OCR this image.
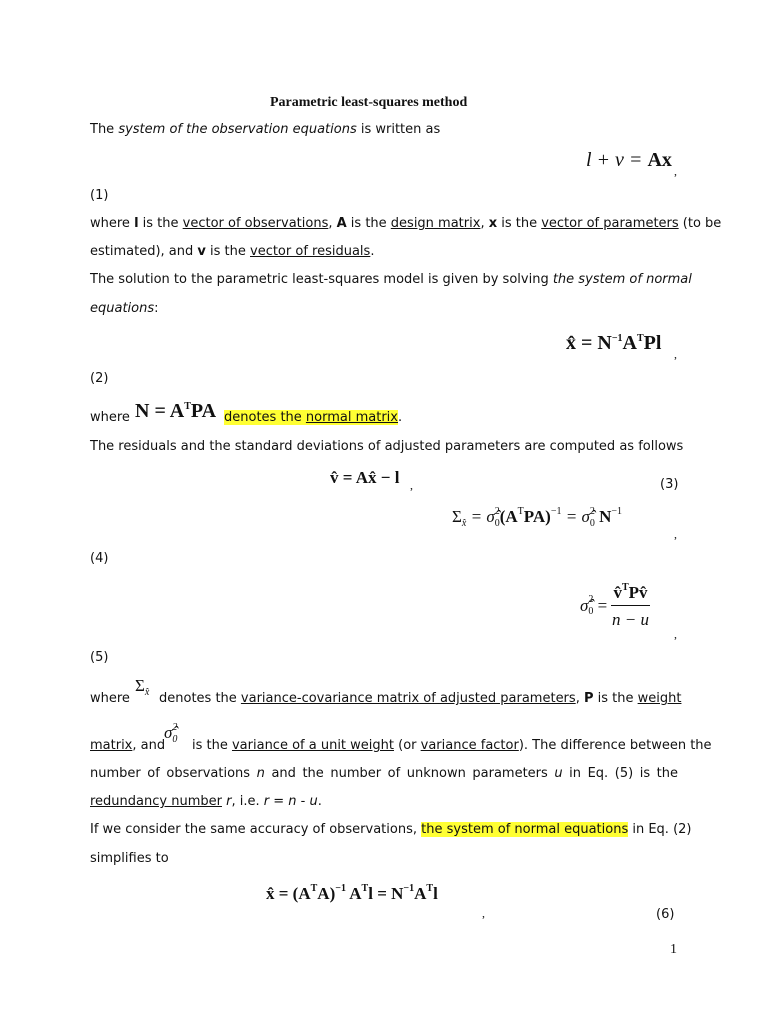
Parametric least-squares method
The system of the observation equations is written as
l + v = Ax ,
(1)
where l is the vector of observations, A is the design matrix, x is the vector of parameters (to be
estimated), and v is the vector of residuals.
The solution to the parametric least-squares model is given by solving the system of normal
equations:
x̂ = $N^{-1}A^TPl$ ,
(2)
where $N = A^TPA$ denotes the normal matrix.
The residuals and the standard deviations of adjusted parameters are computed as follows
v̂ = Ax̂ − l ,	(3)
$\Sigma_{x̂}$ = $\sigmâ^2_0(A^TPA)^{-1}$ = σ̂$^2_0$ $N^{-1}$
,
(4)
σ̂$^2_0$ = $\frac{v̂^TPv̂}{n - u}$
,
(5)
where
$\Sigma_{x̂}$ denotes the variance-covariance matrix of adjusted parameters, P is the weight
matrix, and
σ̂$^2_0$ is the variance of a unit weight (or variance factor). The difference between the
number of observations n and the number of unknown parameters u in Eq. (5) is the
redundancy number r, i.e. r = n - u.
If we consider the same accuracy of observations, the system of normal equations in Eq. (2)
simplifies to
x̂ = $(A^TA)^{-1}$ $A^Tl = N^{-1}A^Tl$
,	(6)
1
